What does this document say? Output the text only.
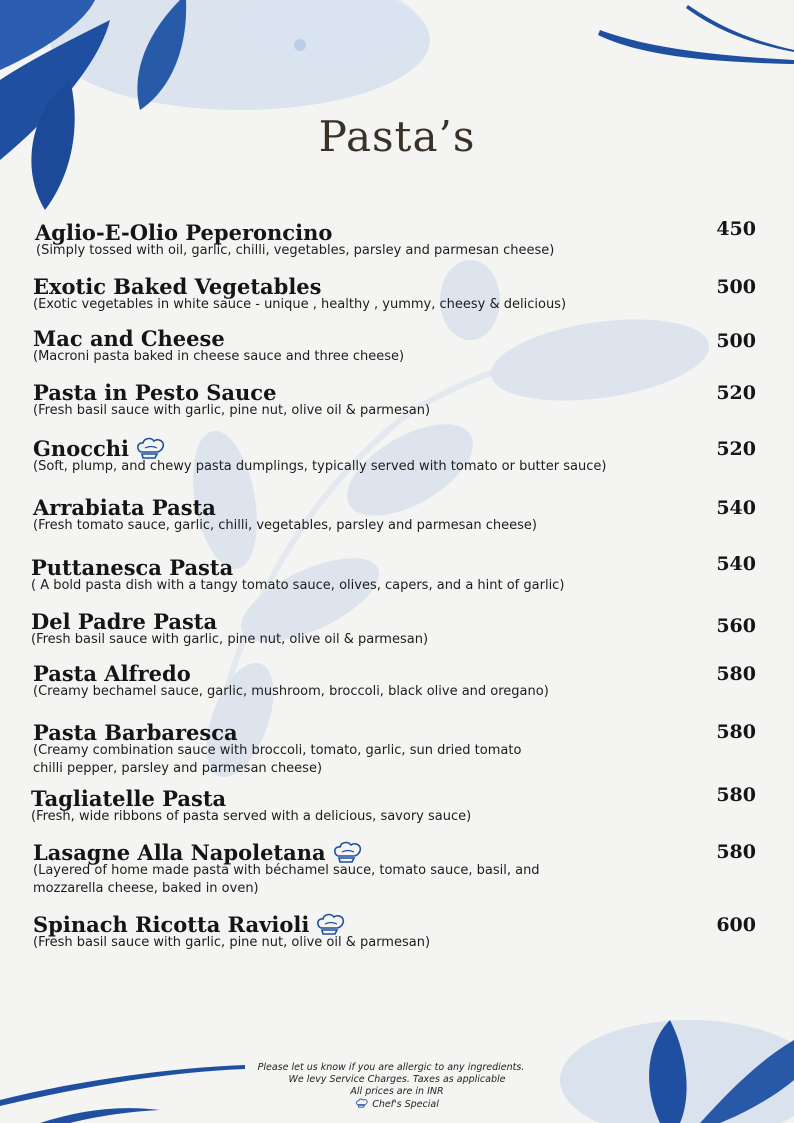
Pasta’s
Aglio-E-Olio Peperoncino
(Simply tossed with oil, garlic, chilli, vegetables, parsley and parmesan cheese)
450
Exotic Baked Vegetables
(Exotic vegetables in white sauce - unique , healthy , yummy, cheesy & delicious)
500
Mac and Cheese
(Macroni pasta baked in cheese sauce and three cheese)
500
Pasta in Pesto Sauce
(Fresh basil sauce with garlic, pine nut, olive oil & parmesan)
520
Gnocchi
(Soft, plump, and chewy pasta dumplings, typically served with tomato or butter sauce)
520
Arrabiata Pasta
(Fresh tomato sauce, garlic, chilli, vegetables, parsley and parmesan cheese)
540
Puttanesca Pasta
( A bold pasta dish with a tangy tomato sauce, olives, capers, and a hint of garlic)
540
Del Padre Pasta
(Fresh basil sauce with garlic, pine nut, olive oil & parmesan)
560
Pasta Alfredo
(Creamy bechamel sauce, garlic, mushroom, broccoli, black olive and oregano)
580
Pasta Barbaresca
(Creamy combination sauce with broccoli, tomato, garlic, sun dried tomato
chilli pepper, parsley and parmesan cheese)
580
Tagliatelle Pasta
(Fresh, wide ribbons of pasta served with a delicious, savory sauce)
580
Lasagne Alla Napoletana
(Layered of home made pasta with béchamel sauce, tomato sauce, basil, and
mozzarella cheese, baked in oven)
580
Spinach Ricotta Ravioli
(Fresh basil sauce with garlic, pine nut, olive oil & parmesan)
600
Please let us know if you are allergic to any ingredients.
We levy Service Charges. Taxes as applicable
All prices are in INR
Chef's Special
